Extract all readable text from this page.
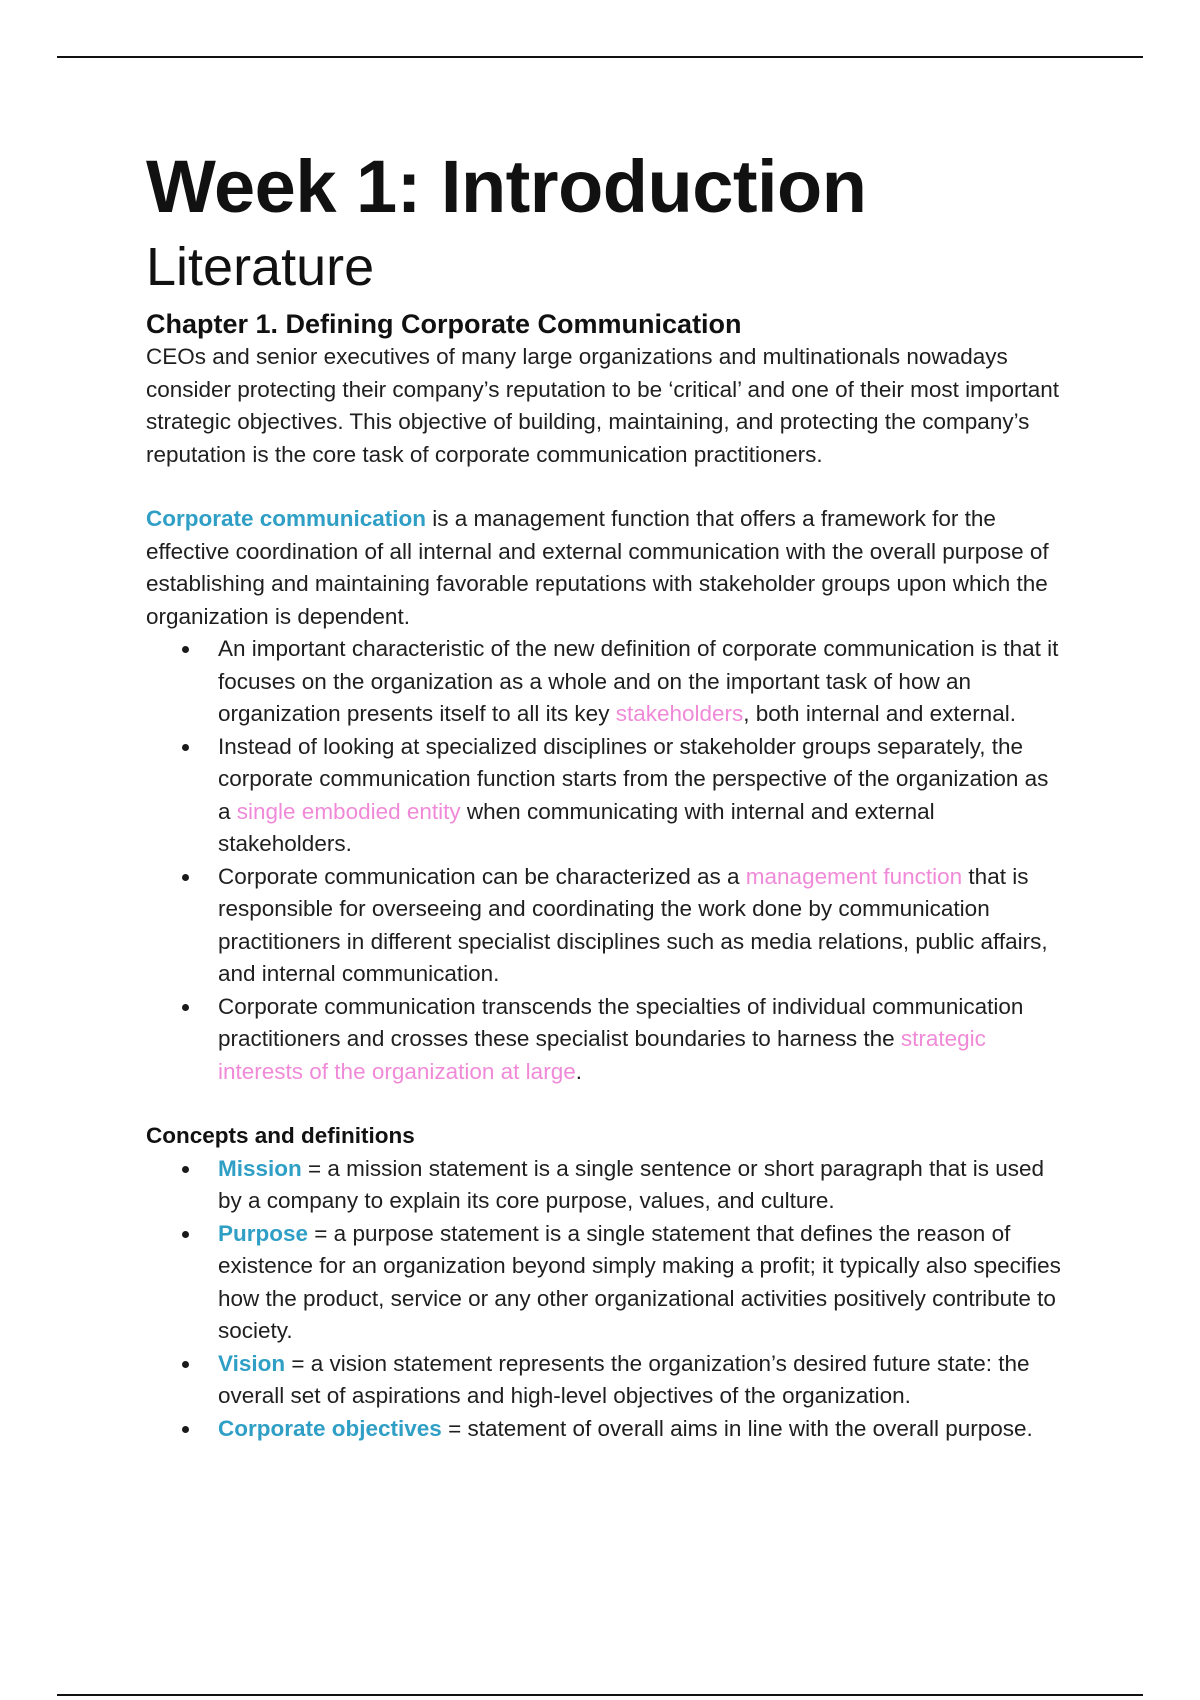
Week 1: Introduction
Literature
Chapter 1. Defining Corporate Communication

CEOs and senior executives of many large organizations and multinationals nowadays consider protecting their company’s reputation to be ‘critical’ and one of their most important strategic objectives. This objective of building, maintaining, and protecting the company’s reputation is the core task of corporate communication practitioners.

Corporate communication is a management function that offers a framework for the effective coordination of all internal and external communication with the overall purpose of establishing and maintaining favorable reputations with stakeholder groups upon which the organization is dependent.

An important characteristic of the new definition of corporate communication is that it focuses on the organization as a whole and on the important task of how an organization presents itself to all its key stakeholders, both internal and external.
Instead of looking at specialized disciplines or stakeholder groups separately, the corporate communication function starts from the perspective of the organization as a single embodied entity when communicating with internal and external stakeholders.
Corporate communication can be characterized as a management function that is responsible for overseeing and coordinating the work done by communication practitioners in different specialist disciplines such as media relations, public affairs, and internal communication.
Corporate communication transcends the specialties of individual communication practitioners and crosses these specialist boundaries to harness the strategic interests of the organization at large.
Concepts and definitions
Mission = a mission statement is a single sentence or short paragraph that is used by a company to explain its core purpose, values, and culture.
Purpose = a purpose statement is a single statement that defines the reason of existence for an organization beyond simply making a profit; it typically also specifies how the product, service or any other organizational activities positively contribute to society.
Vision = a vision statement represents the organization’s desired future state: the overall set of aspirations and high-level objectives of the organization.
Corporate objectives = statement of overall aims in line with the overall purpose.
